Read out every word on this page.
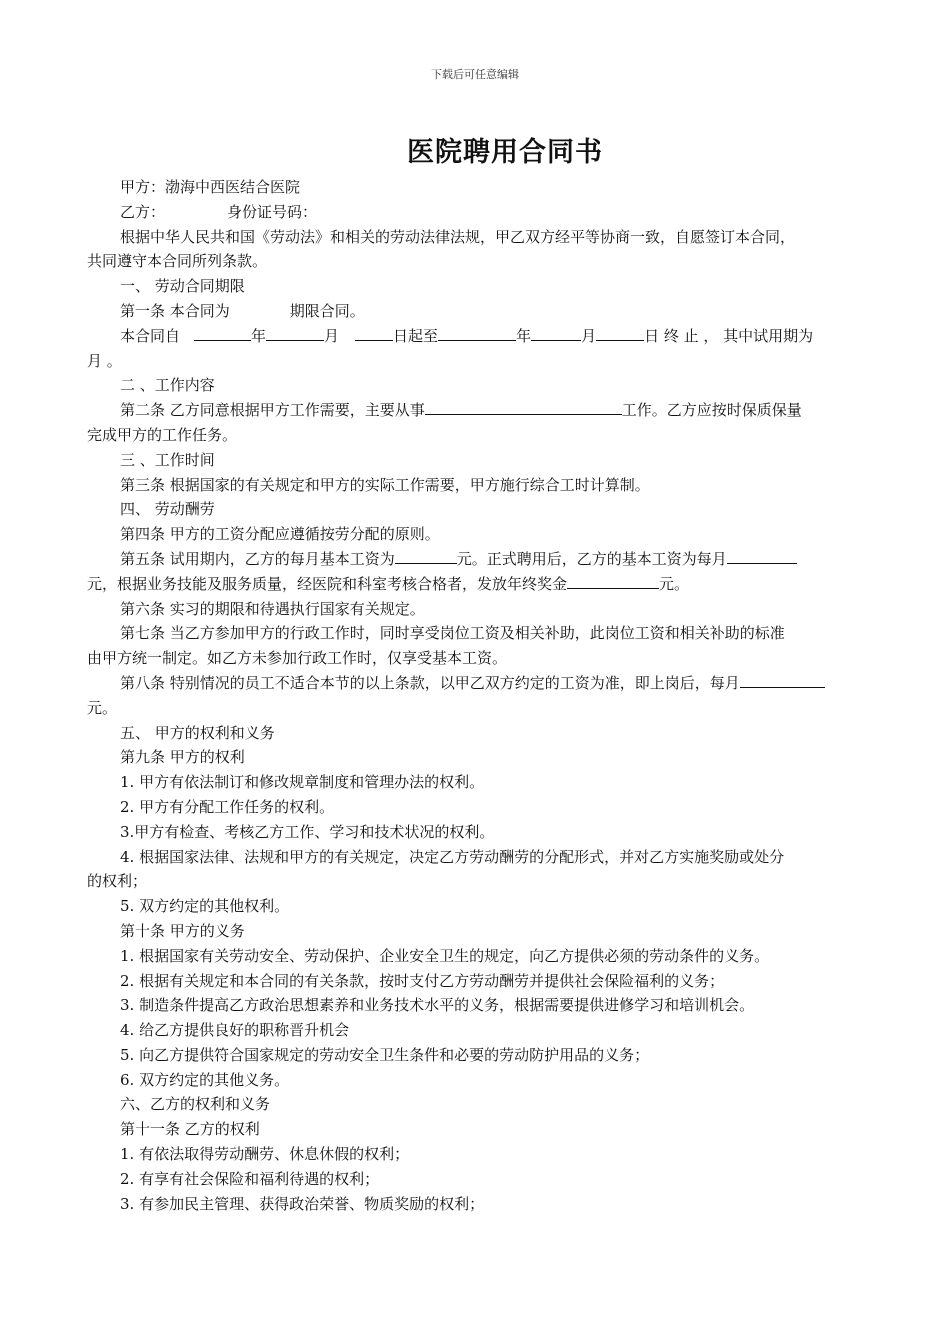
下载后可任意编辑
医院聘用合同书
甲方：渤海中西医结合医院
乙方：	身份证号码：
根据中华人民共和国《劳动法》和相关的劳动法律法规，甲乙双方经平等协商一致，自愿签订本合同，
共同遵守本合同所列条款。
一、 劳动合同期限
第一条 本合同为	期限合同。
本合同自	年	月	日起至	年	月	日 终 止 ， 其中试用期为
月 。
二 、工作内容
第二条 乙方同意根据甲方工作需要，主要从事	工作。乙方应按时保质保量
完成甲方的工作任务。
三 、工作时间
第三条 根据国家的有关规定和甲方的实际工作需要，甲方施行综合工时计算制。
四、 劳动酬劳
第四条 甲方的工资分配应遵循按劳分配的原则。
第五条 试用期内，乙方的每月基本工资为	元。正式聘用后，乙方的基本工资为每月
元，根据业务技能及服务质量，经医院和科室考核合格者，发放年终奖金	元。
第六条 实习的期限和待遇执行国家有关规定。
第七条 当乙方参加甲方的行政工作时，同时享受岗位工资及相关补助，此岗位工资和相关补助的标准
由甲方统一制定。如乙方未参加行政工作时，仅享受基本工资。
第八条 特别情况的员工不适合本节的以上条款，以甲乙双方约定的工资为准，即上岗后，每月
元。
五、 甲方的权利和义务
第九条 甲方的权利
1. 甲方有依法制订和修改规章制度和管理办法的权利。
2. 甲方有分配工作任务的权利。
3.甲方有检查、考核乙方工作、学习和技术状况的权利。
4. 根据国家法律、法规和甲方的有关规定，决定乙方劳动酬劳的分配形式，并对乙方实施奖励或处分
的权利；
5. 双方约定的其他权利。
第十条 甲方的义务
1. 根据国家有关劳动安全、劳动保护、企业安全卫生的规定，向乙方提供必须的劳动条件的义务。
2. 根据有关规定和本合同的有关条款，按时支付乙方劳动酬劳并提供社会保险福利的义务；
3. 制造条件提高乙方政治思想素养和业务技术水平的义务，根据需要提供进修学习和培训机会。
4. 给乙方提供良好的职称晋升机会
5. 向乙方提供符合国家规定的劳动安全卫生条件和必要的劳动防护用品的义务；
6. 双方约定的其他义务。
六、乙方的权利和义务
第十一条 乙方的权利
1. 有依法取得劳动酬劳、休息休假的权利；
2. 有享有社会保险和福利待遇的权利；
3. 有参加民主管理、获得政治荣誉、物质奖励的权利；
